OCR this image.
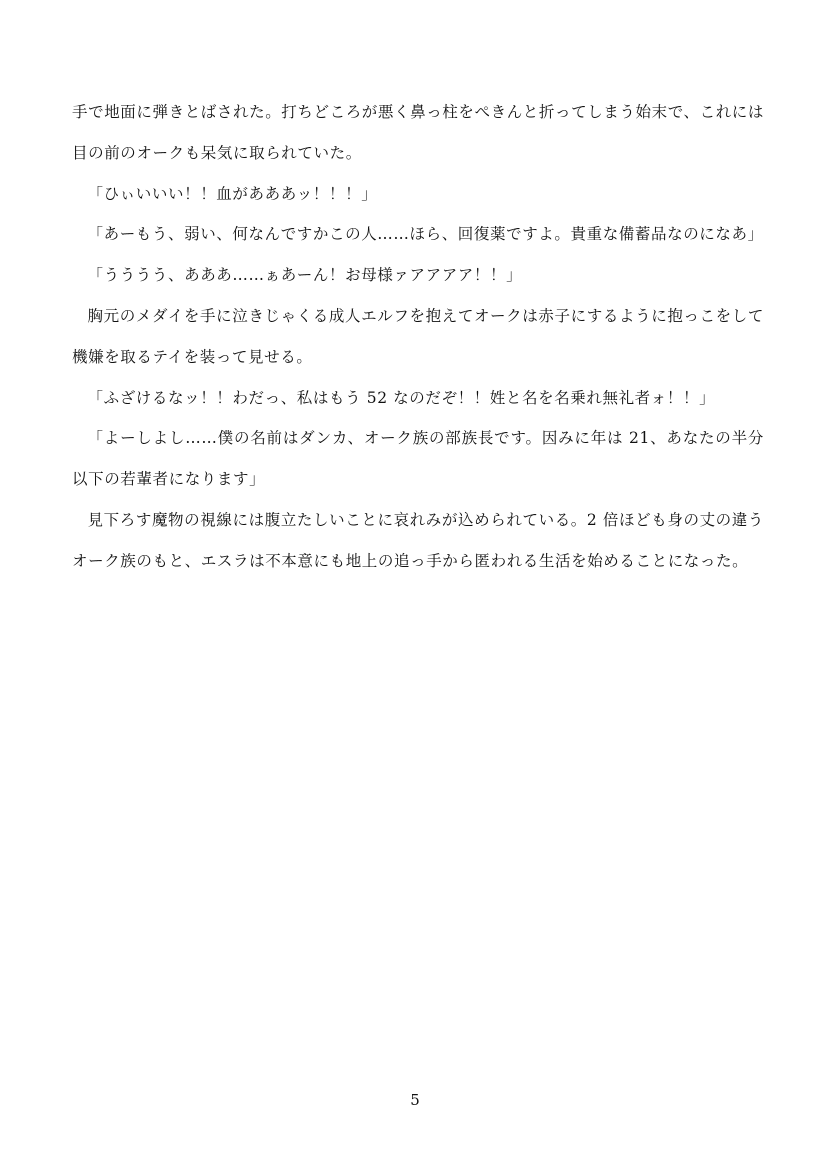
手で地面に弾きとばされた。打ちどころが悪く鼻っ柱をぺきんと折ってしまう始末で、これには目の前のオークも呆気に取られていた。

「ひぃいいい！！血があああッ！！！」

「あーもう、弱い、何なんですかこの人……ほら、回復薬ですよ。貴重な備蓄品なのになあ」

「うううう、あああ……ぁあーん！お母様ァアアアア！！」

胸元のメダイを手に泣きじゃくる成人エルフを抱えてオークは赤子にするように抱っこをして機嫌を取るテイを装って見せる。

「ふざけるなッ！！わだっ、私はもう 52 なのだぞ！！姓と名を名乗れ無礼者ォ！！」

「よーしよし……僕の名前はダンカ、オーク族の部族長です。因みに年は 21、あなたの半分以下の若輩者になります」

見下ろす魔物の視線には腹立たしいことに哀れみが込められている。2 倍ほども身の丈の違うオーク族のもと、エスラは不本意にも地上の追っ手から匿われる生活を始めることになった。

5
